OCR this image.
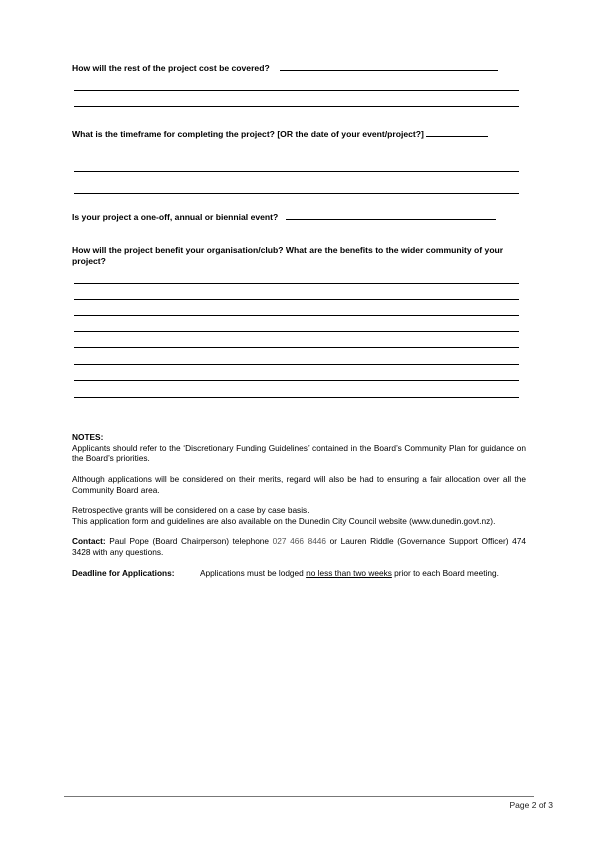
How will the rest of the project cost be covered?
What is the timeframe for completing the project? [OR the date of your event/project?]
Is your project a one-off, annual or biennial event?
How will the project benefit your organisation/club? What are the benefits to the wider community of your project?

NOTES:

Applicants should refer to the ‘Discretionary Funding Guidelines’ contained in the Board’s Community Plan for guidance on the Board’s priorities.

Although applications will be considered on their merits, regard will also be had to ensuring a fair allocation over all the Community Board area.

Retrospective grants will be considered on a case by case basis.

This application form and guidelines are also available on the Dunedin City Council website (www.dunedin.govt.nz).

Contact: Paul Pope (Board Chairperson) telephone 027 466 8446 or Lauren Riddle (Governance Support Officer) 474 3428 with any questions.

Deadline for Applications:	Applications must be lodged no less than two weeks prior to each Board meeting.

Page 2 of 3
